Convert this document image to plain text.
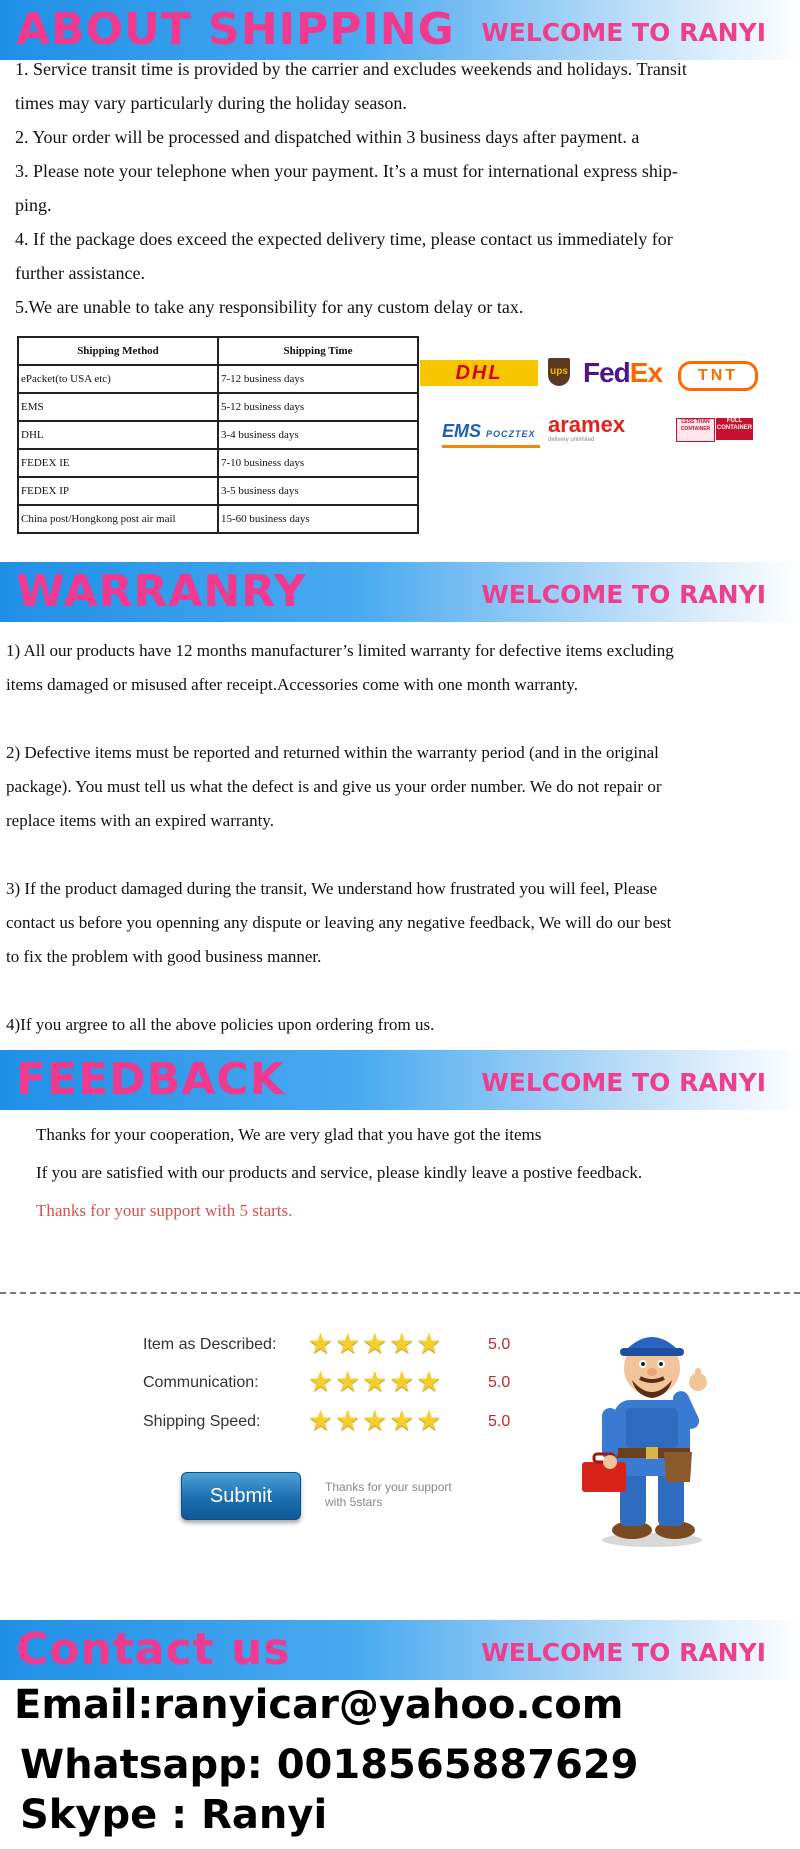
ABOUT SHIPPING WELCOME TO RANYI

1. Service transit time is provided by the carrier and excludes weekends and holidays. Transit

times may vary particularly during the holiday season.

2. Your order will be processed and dispatched within 3 business days after payment. a

3. Please note your telephone when your payment. It’s a must for international express ship-

ping.

4. If the package does exceed the expected delivery time, please contact us immediately for

further assistance.

5.We are unable to take any responsibility for any custom delay or tax.

Shipping Method	Shipping Time
ePacket(to USA etc)	7-12 business days
EMS	5-12 business days
DHL	3-4 business days
FEDEX IE	7-10 business days
FEDEX IP	3-5 business days
China post/Hongkong post air mail	15-60 business days
DHL	ups FedEx	TNT
EMS POCZTEX aramex
delivery unlimited
LESS THAN CONTAINER
FULL CONTAINER
WARRANRY	WELCOME TO RANYI

1) All our products have 12 months manufacturer’s limited warranty for defective items excluding

items damaged or misused after receipt.Accessories come with one month warranty.

2) Defective items must be reported and returned within the warranty period (and in the original

package). You must tell us what the defect is and give us your order number. We do not repair or

replace items with an expired warranty.

3) If the product damaged during the transit, We understand how frustrated you will feel, Please

contact us before you openning any dispute or leaving any negative feedback, We will do our best

to fix the problem with good business manner.

4)If you argree to all the above policies upon ordering from us.

FEEDBACK	WELCOME TO RANYI

Thanks for your cooperation, We are very glad that you have got the items

If you are satisfied with our products and service, please kindly leave a postive feedback.

Thanks for your support with 5 starts.

Item as Described: ★★★★★	5.0
Communication: ★★★★★	5.0
Shipping Speed: ★★★★★	5.0
Submit	Thanks for your support
with 5stars
Contact us	WELCOME TO RANYI
Email:ranyicar@yahoo.com
Whatsapp: 0018565887629
Skype : Ranyi
